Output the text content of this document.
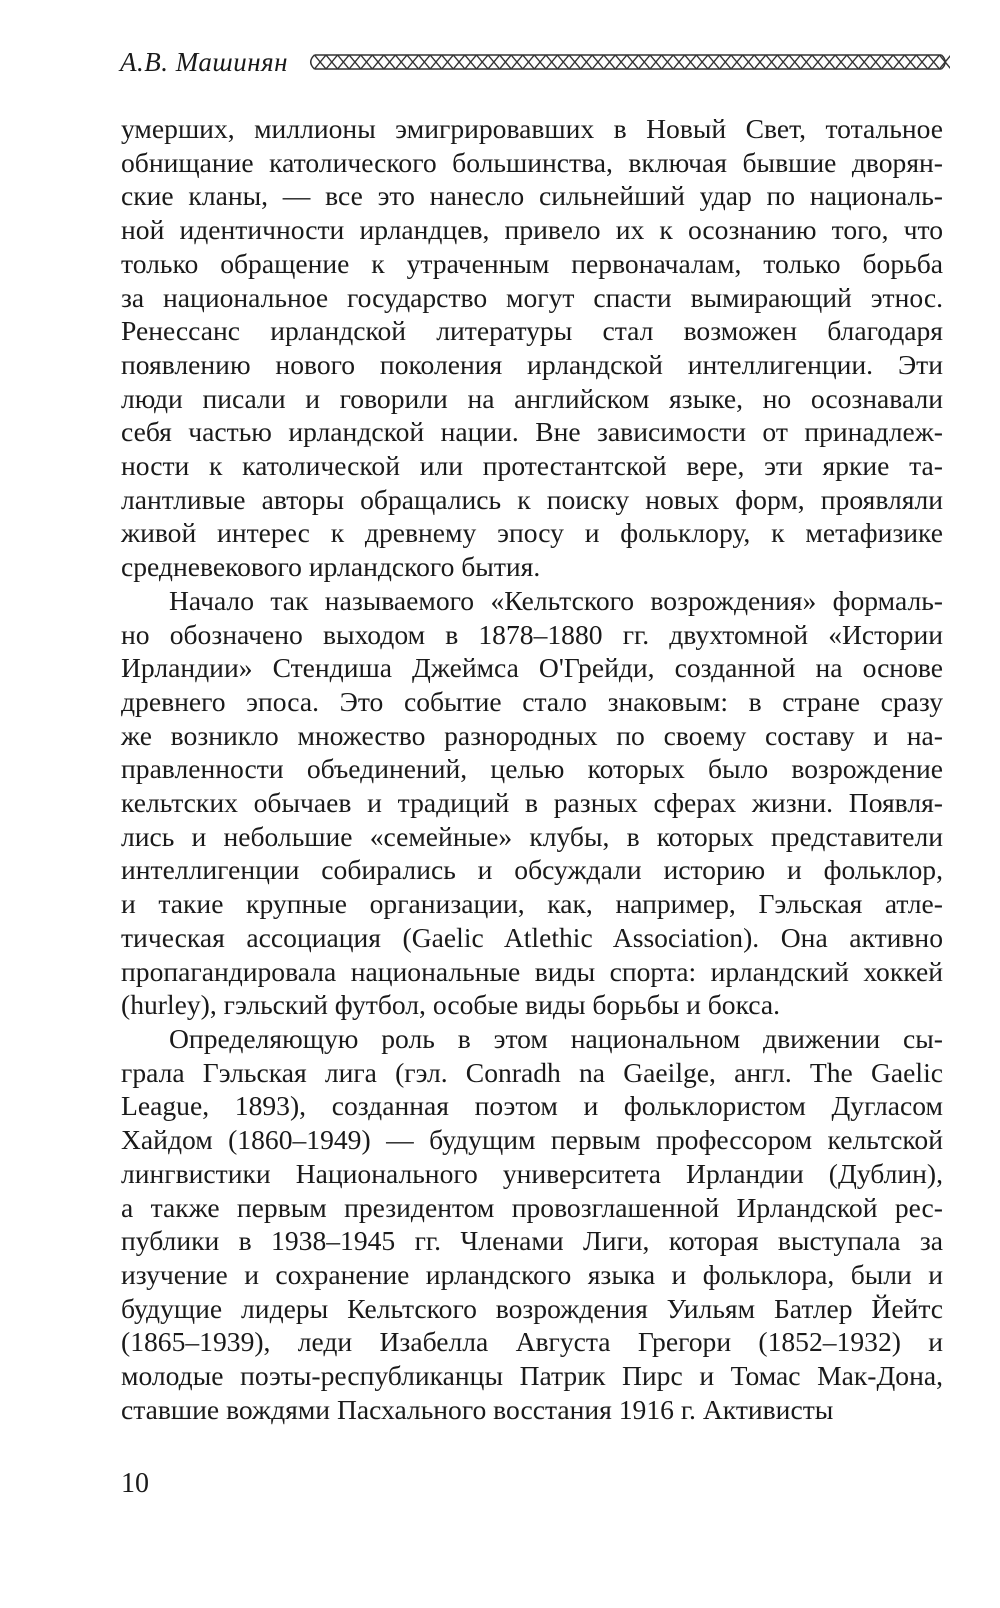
А.В. Машинян
умерших, миллионы эмигрировавших в Новый Свет, тотальное
обнищание католического большинства, включая бывшие дворян-
ские кланы, — все это нанесло сильнейший удар по националь-
ной идентичности ирландцев, привело их к осознанию того, что
только обращение к утраченным первоначалам, только борьба
за национальное государство могут спасти вымирающий этнос.
Ренессанс ирландской литературы стал возможен благодаря
появлению нового поколения ирландской интеллигенции. Эти
люди писали и говорили на английском языке, но осознавали
себя частью ирландской нации. Вне зависимости от принадлеж-
ности к католической или протестантской вере, эти яркие та-
лантливые авторы обращались к поиску новых форм, проявляли
живой интерес к древнему эпосу и фольклору, к метафизике
средневекового ирландского бытия.
Начало так называемого «Кельтского возрождения» формаль-
но обозначено выходом в 1878–1880 гг. двухтомной «Истории
Ирландии» Стендиша Джеймса О'Грейди, созданной на основе
древнего эпоса. Это событие стало знаковым: в стране сразу
же возникло множество разнородных по своему составу и на-
правленности объединений, целью которых было возрождение
кельтских обычаев и традиций в разных сферах жизни. Появля-
лись и небольшие «семейные» клубы, в которых представители
интеллигенции собирались и обсуждали историю и фольклор,
и такие крупные организации, как, например, Гэльская атле-
тическая ассоциация (Gaelic Atlethic Association). Она активно
пропагандировала национальные виды спорта: ирландский хоккей
(hurley), гэльский футбол, особые виды борьбы и бокса.
Определяющую роль в этом национальном движении сы-
грала Гэльская лига (гэл. Conradh na Gaeilge, англ. The Gaelic
League, 1893), созданная поэтом и фольклористом Дугласом
Хайдом (1860–1949) — будущим первым профессором кельтской
лингвистики Национального университета Ирландии (Дублин),
а также первым президентом провозглашенной Ирландской рес-
публики в 1938–1945 гг. Членами Лиги, которая выступала за
изучение и сохранение ирландского языка и фольклора, были и
будущие лидеры Кельтского возрождения Уильям Батлер Йейтс
(1865–1939), леди Изабелла Августа Грегори (1852–1932) и
молодые поэты-республиканцы Патрик Пирс и Томас Мак-Дона,
ставшие вождями Пасхального восстания 1916 г. Активисты
10
